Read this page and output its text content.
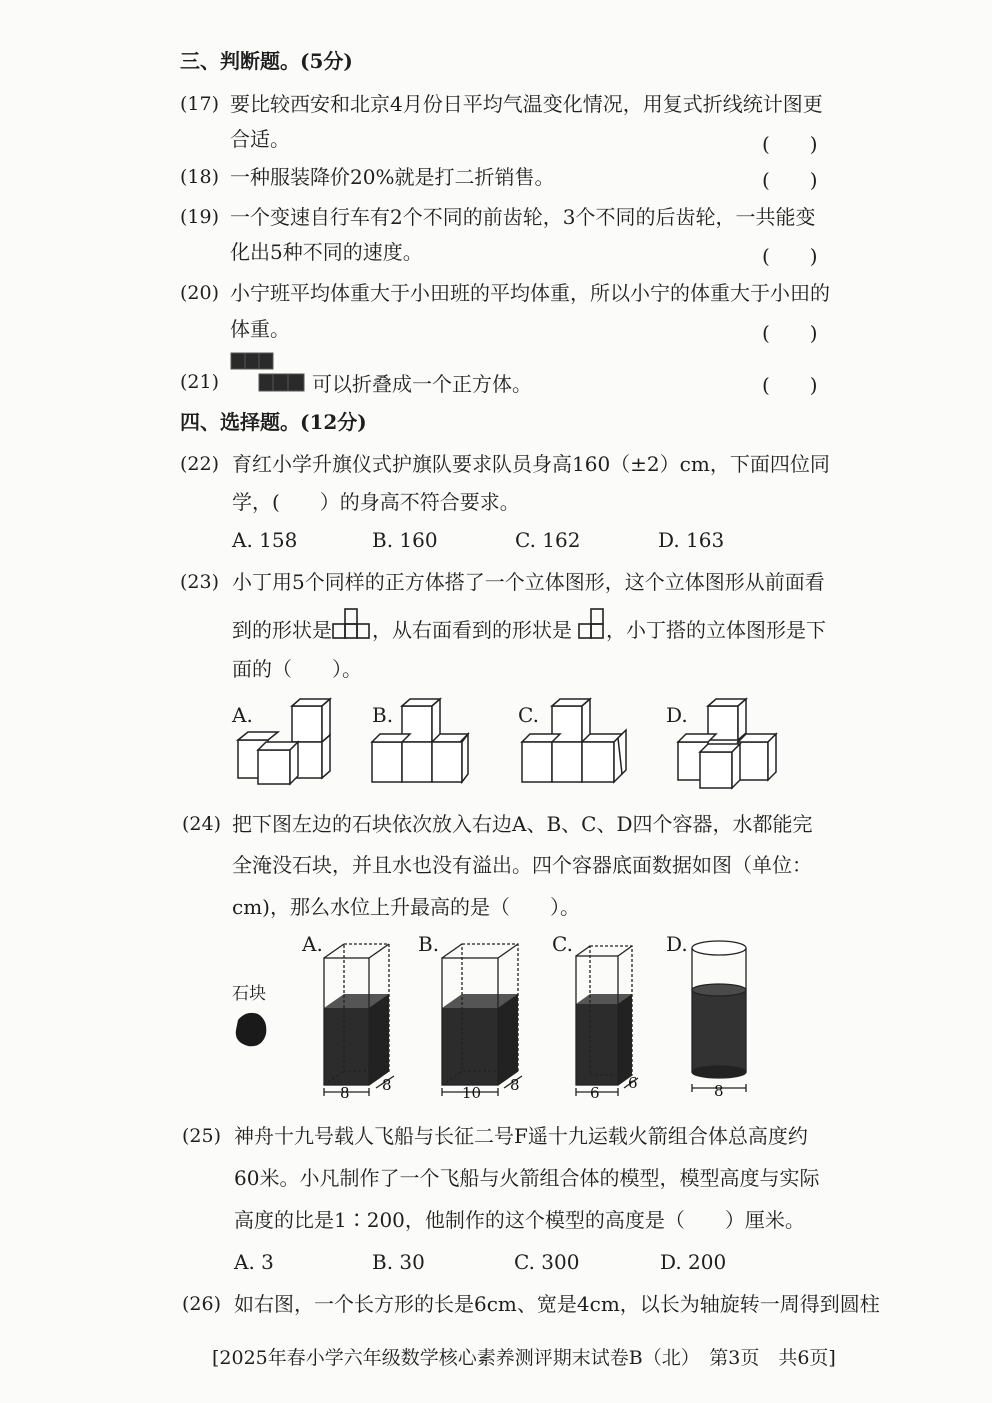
三、判断题。(5分)
(17) 要比较西安和北京4月份日平均气温变化情况，用复式折线统计图更
合适。	(　　)
(18) 一种服装降价20%就是打二折销售。	(　　)
(19) 一个变速自行车有2个不同的前齿轮，3个不同的后齿轮，一共能变
化出5种不同的速度。	(　　)
(20) 小宁班平均体重大于小田班的平均体重，所以小宁的体重大于小田的
体重。	(　　)
(21)	可以折叠成一个正方体。	(　　)
四、选择题。(12分)
(22) 育红小学升旗仪式护旗队要求队员身高160（±2）cm，下面四位同
学，(　　）的身高不符合要求。
A. 158	B. 160	C. 162	D. 163
(23) 小丁用5个同样的正方体搭了一个立体图形，这个立体图形从前面看
到的形状是 ，从右面看到的形状是 ，小丁搭的立体图形是下
面的（　　）。
A.	B.	C.	D.
(24) 把下图左边的石块依次放入右边A、B、C、D四个容器，水都能完
全淹没石块，并且水也没有溢出。四个容器底面数据如图（单位：
cm)，那么水位上升最高的是（　　）。
石块
A.
8 8
B.
10 8
C.
6
6
D.
8
(25) 神舟十九号载人飞船与长征二号F遥十九运载火箭组合体总高度约
60米。小凡制作了一个飞船与火箭组合体的模型，模型高度与实际
高度的比是1∶200，他制作的这个模型的高度是（　　）厘米。
A. 3	B. 30	C. 300	D. 200
(26) 如右图，一个长方形的长是6cm、宽是4cm，以长为轴旋转一周得到圆柱
[2025年春小学六年级数学核心素养测评期末试卷B（北）　第3页　共6页]
